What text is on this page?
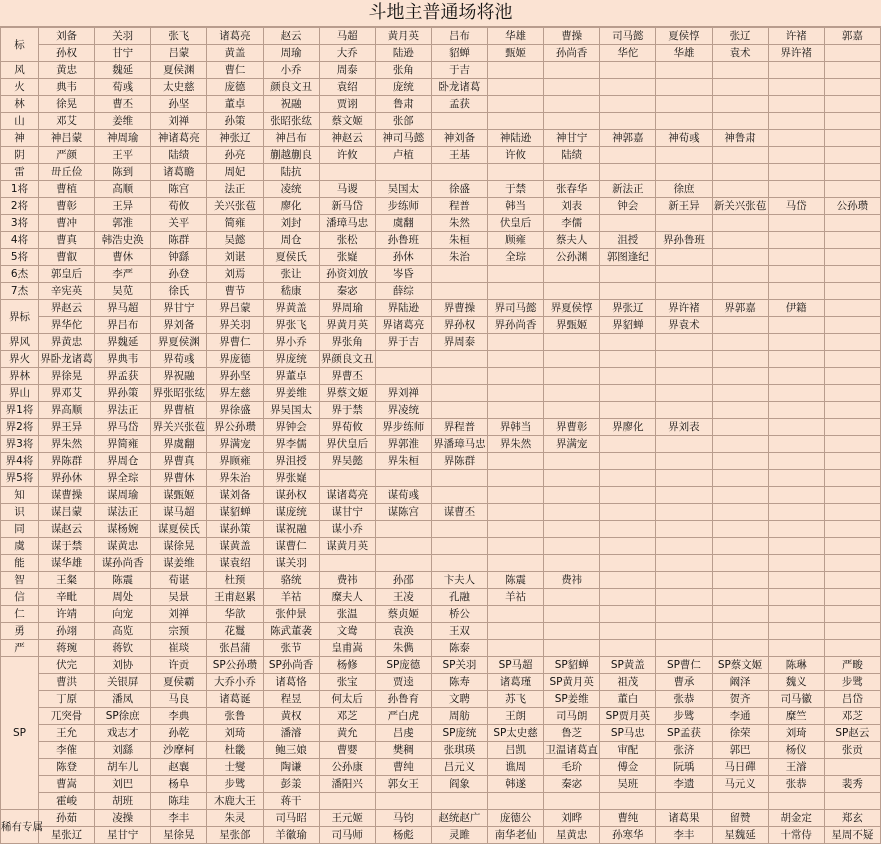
斗地主普通场将池
标	刘备	关羽	张飞	诸葛亮	赵云	马超	黄月英	吕布	华雄	曹操	司马懿	夏侯惇	张辽	许褚	郭嘉
	孙权	甘宁	吕蒙	黄盖	周瑜	大乔	陆逊	貂蝉	甄姬	孙尚香	华佗	华雄	袁术	界许褚	
风	黄忠	魏延	夏侯渊	曹仁	小乔	周泰	张角	于吉							
火	典韦	荀彧	太史慈	庞德	颜良文丑	袁绍	庞统	卧龙诸葛							
林	徐晃	曹丕	孙坚	董卓	祝融	贾诩	鲁肃	孟获							
山	邓艾	姜维	刘禅	孙策	张昭张纮	蔡文姬	张郃								
神	神吕蒙	神周瑜	神诸葛亮	神张辽	神吕布	神赵云	神司马懿	神刘备	神陆逊	神甘宁	神郭嘉	神荀彧	神鲁肃		
阴	严颜	王平	陆绩	孙亮	蒯越蒯良	许攸	卢植	王基	许攸	陆绩					
雷	毌丘俭	陈到	诸葛瞻	周妃	陆抗										
1将	曹植	高顺	陈宫	法正	凌统	马谡	吴国太	徐盛	于禁	张春华	新法正	徐庶			
2将	曹彰	王异	荀攸	关兴张苞	廖化	新马岱	步练师	程普	韩当	刘表	钟会	新王异	新关兴张苞	马岱	公孙瓒
3将	曹冲	郭淮	关平	简雍	刘封	潘璋马忠	虞翻	朱然	伏皇后	李儒					
4将	曹真	韩浩史涣	陈群	吴懿	周仓	张松	孙鲁班	朱桓	顾雍	蔡夫人	沮授	界孙鲁班			
5将	曹叡	曹休	钟繇	刘谌	夏侯氏	张嶷	孙休	朱治	全琮	公孙渊	郭图逢纪				
6杰	郭皇后	李严	孙登	刘焉	张让	孙资刘放	岑昏								
7杰	辛宪英	吴苋	徐氏	曹节	嵇康	秦宓	薛综								
界标	界赵云	界马超	界甘宁	界吕蒙	界黄盖	界周瑜	界陆逊	界曹操	界司马懿	界夏侯惇	界张辽	界许褚	界郭嘉	伊籍	
	界华佗	界吕布	界刘备	界关羽	界张飞	界黄月英	界诸葛亮	界孙权	界孙尚香	界甄姬	界貂蝉	界袁术			
界风	界黄忠	界魏延	界夏侯渊	界曹仁	界小乔	界张角	界于吉	界周泰							
界火	界卧龙诸葛	界典韦	界荀彧	界庞德	界庞统	界颜良文丑									
界林	界徐晃	界孟获	界祝融	界孙坚	界董卓	界曹丕									
界山	界邓艾	界孙策	界张昭张纮	界左慈	界姜维	界蔡文姬	界刘禅								
界1将	界高顺	界法正	界曹植	界徐盛	界吴国太	界于禁	界凌统								
界2将	界王异	界马岱	界关兴张苞	界公孙瓒	界钟会	界荀攸	界步练师	界程普	界韩当	界曹彰	界廖化	界刘表			
界3将	界朱然	界简雍	界虞翻	界满宠	界李儒	界伏皇后	界郭淮	界潘璋马忠	界朱然	界满宠					
界4将	界陈群	界周仓	界曹真	界顾雍	界沮授	界吴懿	界朱桓	界陈群							
界5将	界孙休	界全琮	界曹休	界朱治	界张嶷										
知	谋曹操	谋周瑜	谋甄姬	谋刘备	谋孙权	谋诸葛亮	谋荀彧								
识	谋吕蒙	谋法正	谋马超	谋貂蝉	谋庞统	谋甘宁	谋陈宫	谋曹丕							
同	谋赵云	谋杨婉	谋夏侯氏	谋孙策	谋祝融	谋小乔									
虞	谋于禁	谋黄忠	谋徐晃	谋黄盖	谋曹仁	谋黄月英									
能	谋华雄	谋孙尚香	谋姜维	谋袁绍	谋关羽										
智	王粲	陈震	荀谌	杜预	骆统	费祎	孙邵	卞夫人	陈震	费祎					
信	辛毗	周处	吴景	王甫赵累	羊祜	糜夫人	王凌	孔融	羊祜						
仁	许靖	向宠	刘禅	华歆	张仲景	张温	蔡贞姬	桥公							
勇	孙翊	高览	宗预	花鬘	陈武董袭	文鸯	袁涣	王双							
严	蒋琬	蒋钦	崔琰	张昌蒲	张节	皇甫嵩	朱儁	陈泰							
SP	伏完	刘协	许贡	SP公孙瓒	SP孙尚香	杨修	SP庞德	SP关羽	SP马超	SP貂蝉	SP黄盖	SP曹仁	SP蔡文姬	陈琳	严畯
	曹洪	关银屏	夏侯霸	大乔小乔	诸葛恪	张宝	贾逵	陈寿	诸葛瑾	SP黄月英	祖茂	曹承	阚泽	魏义	步骘
	丁原	潘凤	马良	诸葛诞	程昱	何太后	孙鲁育	文聘	苏飞	SP姜维	董白	张恭	贺齐	司马徽	吕岱
	兀突骨	SP徐庶	李典	张鲁	黄权	邓芝	严白虎	周舫	王朗	司马朗	SP贾月英	步骘	李通	糜竺	邓芝
	王允	戏志才	孙乾	刘琦	潘濬	黄允	吕虔	SP庞统	SP太史慈	鲁芝	SP马忠	SP孟获	徐荣	刘琦	SP赵云
	李傕	刘繇	沙摩柯	杜畿	鲍三娘	曹婴	樊稠	张琪瑛	吕凯	卫温诸葛直	审配	张济	郭巴	杨仪	张贡
	陈登	胡车儿	赵襄	士燮	陶谦	公孙康	曹纯	吕元义	谯周	毛玠	傅佥	阮瑀	马日磾	王濬	
	曹嵩	刘巴	杨阜	步骘	彭羕	潘阳兴	郭女王	阎象	韩遂	秦宓	吴班	李遗	马元义	张恭	裴秀
	霍峻	胡班	陈珪	木鹿大王	蒋干										
稀有专属	孙茹	凌操	李丰	朱灵	司马昭	王元姬	马钧	赵统赵广	庞德公	刘晔	曹纯	诸葛果	留赞	胡金定	郑玄
	星张辽	星甘宁	星徐晃	星张郃	羊徽瑜	司马师	杨彪	灵雎	南华老仙	星黄忠	孙寒华	李丰	星魏延	十常侍	星周不疑
